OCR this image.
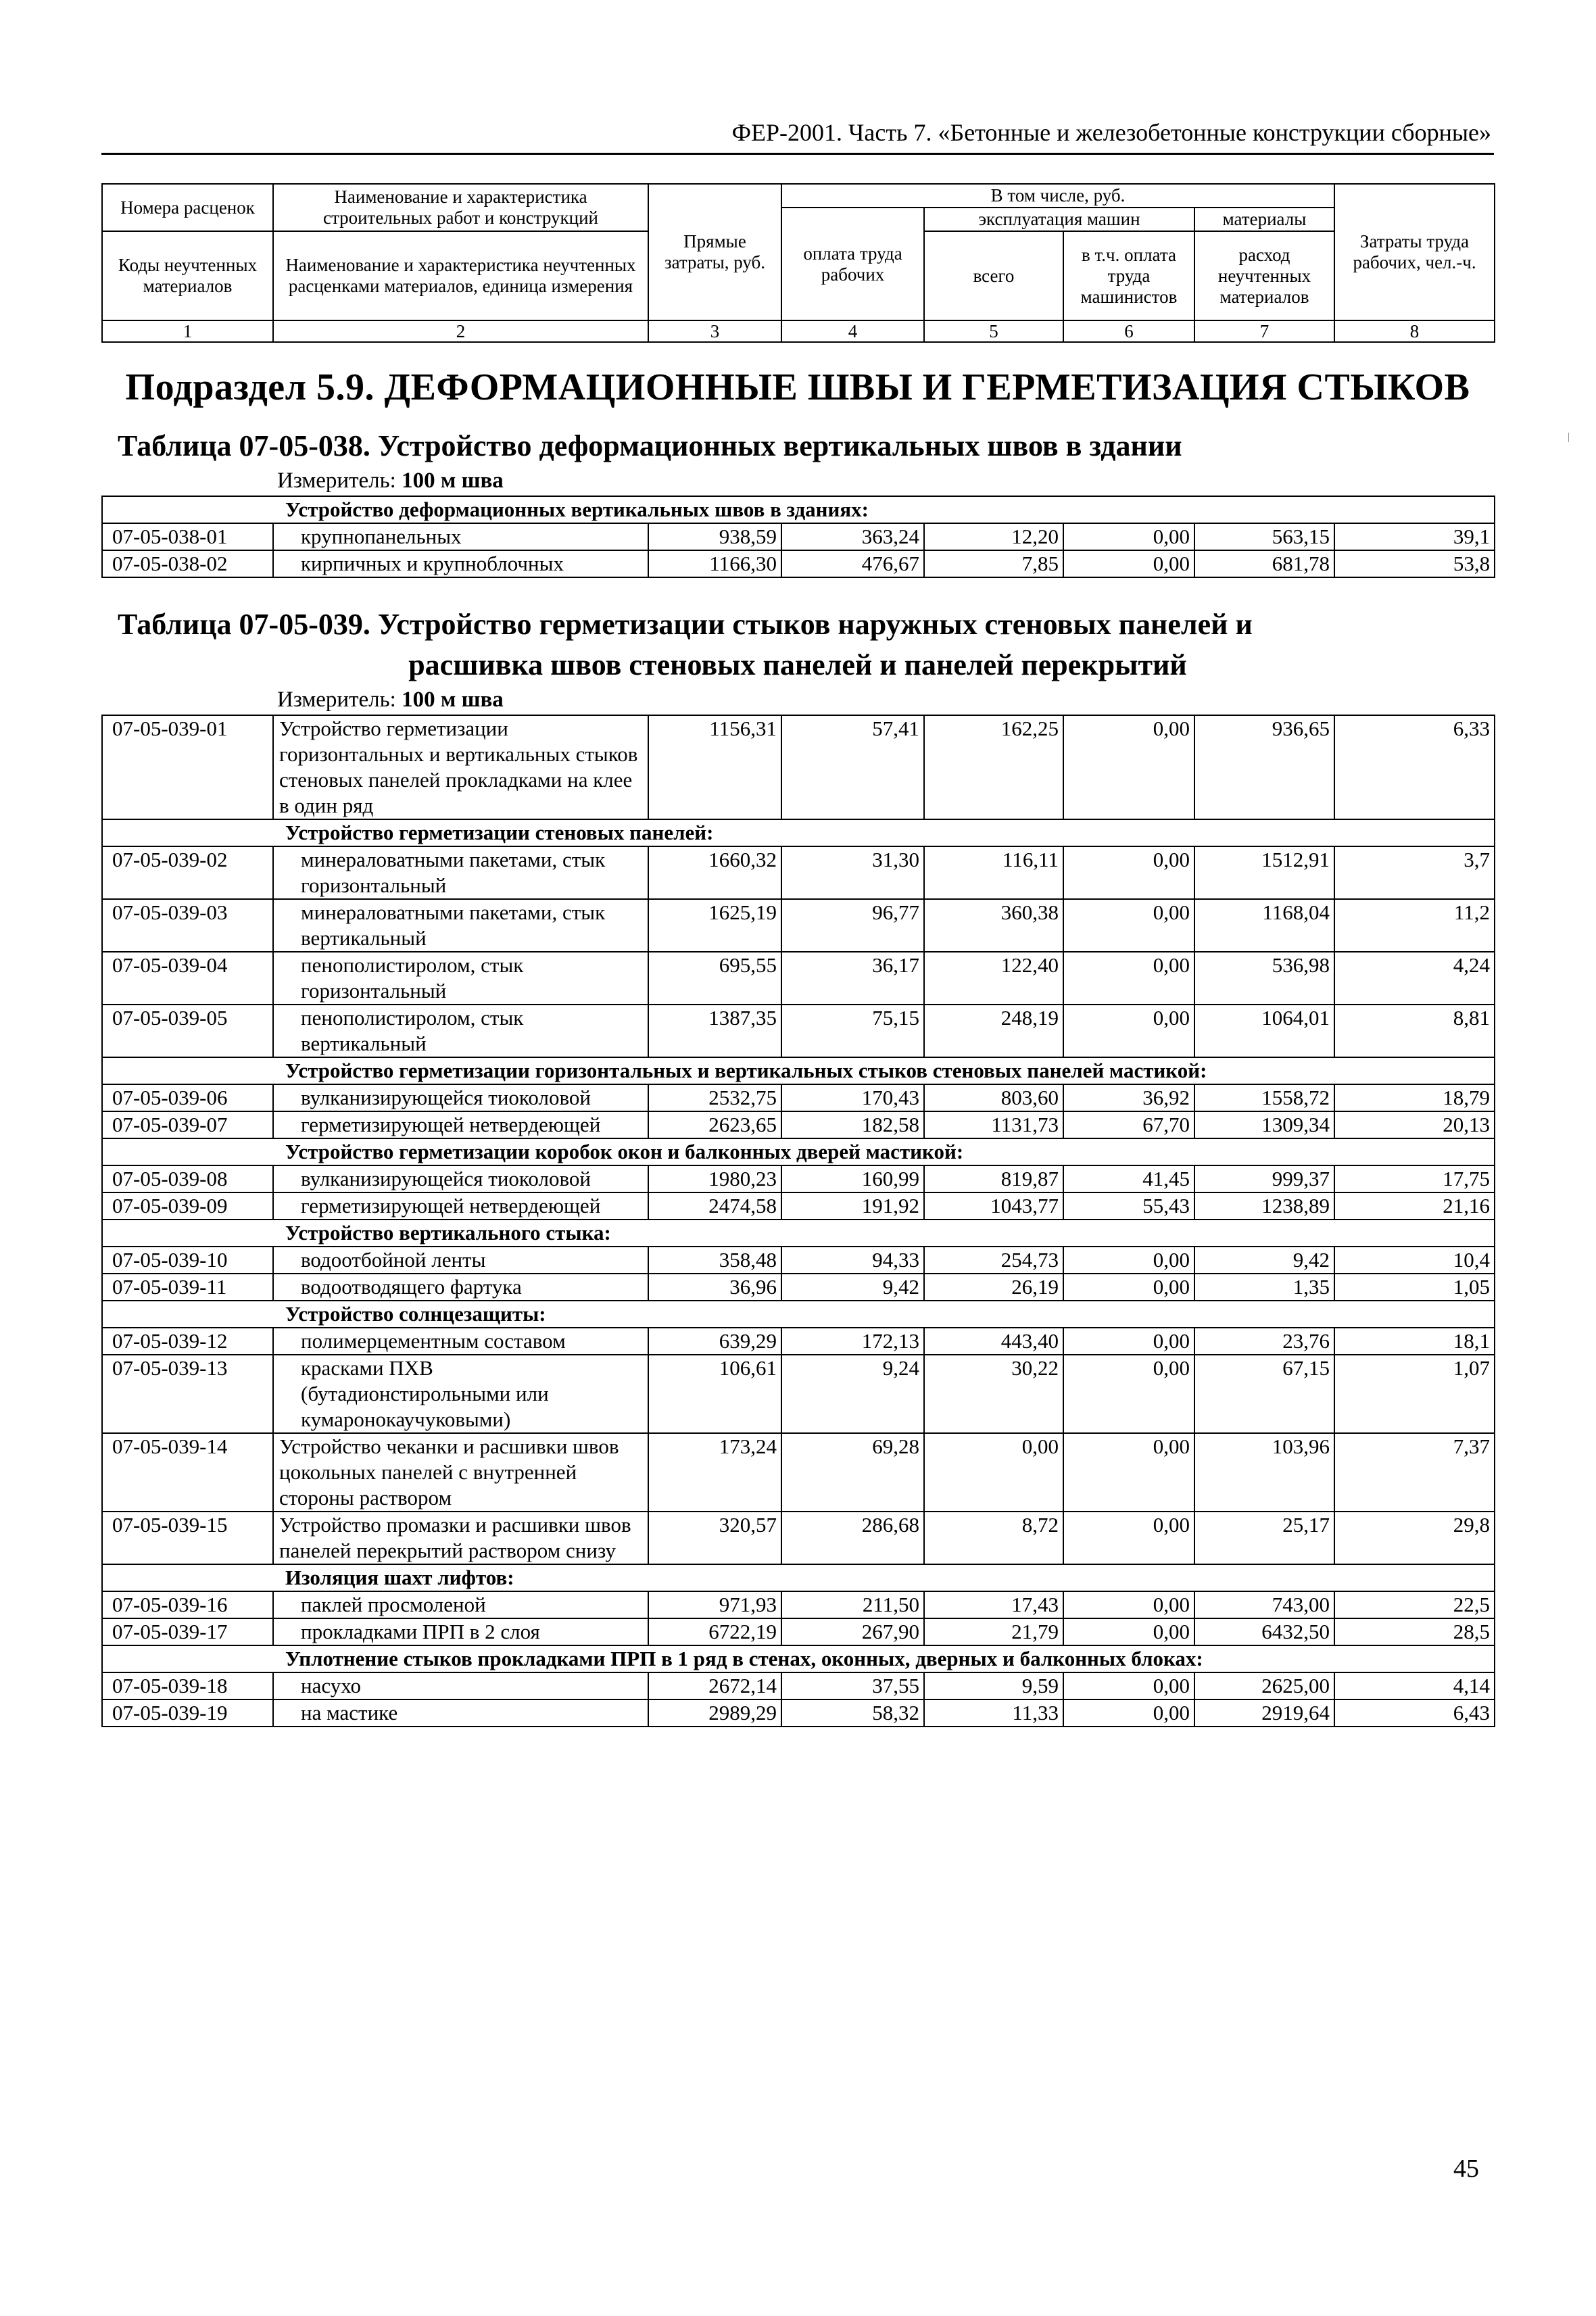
ФЕР-2001. Часть 7. «Бетонные и железобетонные конструкции сборные»
Номера расценок	Наименование и характеристика строительных работ и конструкций	Прямые затраты, руб.	В том числе, руб.				Затраты труда рабочих, чел.-ч.
			оплата труда рабочих	эксплуатация машин		материалы	
Коды неучтенных материалов	Наименование и характеристика неучтенных расценками материалов, единица измерения			всего	в т.ч. оплата труда машинистов	расход неучтенных материалов	

1	2	3	4	5	6	7	8
Подраздел 5.9. ДЕФОРМАЦИОННЫЕ ШВЫ И ГЕРМЕТИЗАЦИЯ СТЫКОВ
Таблица 07-05-038. Устройство деформационных вертикальных швов в здании
Измеритель: 100 м шва
Устройство деформационных вертикальных швов в зданиях:							
07-05-038-01	крупнопанельных	938,59	363,24	12,20	0,00	563,15	39,1
07-05-038-02	кирпичных и крупноблочных	1166,30	476,67	7,85	0,00	681,78	53,8
Таблица 07-05-039. Устройство герметизации стыков наружных стеновых панелей и
расшивка швов стеновых панелей и панелей перекрытий
Измеритель: 100 м шва
07-05-039-01	Устройство герметизации горизонтальных и вертикальных стыков стеновых панелей прокладками на клее в один ряд	1156,31	57,41	162,25	0,00	936,65	6,33
Устройство герметизации стеновых панелей:							
07-05-039-02	минераловатными пакетами, стык горизонтальный	1660,32	31,30	116,11	0,00	1512,91	3,7
07-05-039-03	минераловатными пакетами, стык вертикальный	1625,19	96,77	360,38	0,00	1168,04	11,2
07-05-039-04	пенополистиролом, стык горизонтальный	695,55	36,17	122,40	0,00	536,98	4,24
07-05-039-05	пенополистиролом, стык вертикальный	1387,35	75,15	248,19	0,00	1064,01	8,81
Устройство герметизации горизонтальных и вертикальных стыков стеновых панелей мастикой:							
07-05-039-06	вулканизирующейся тиоколовой	2532,75	170,43	803,60	36,92	1558,72	18,79
07-05-039-07	герметизирующей нетвердеющей	2623,65	182,58	1131,73	67,70	1309,34	20,13
Устройство герметизации коробок окон и балконных дверей мастикой:							
07-05-039-08	вулканизирующейся тиоколовой	1980,23	160,99	819,87	41,45	999,37	17,75
07-05-039-09	герметизирующей нетвердеющей	2474,58	191,92	1043,77	55,43	1238,89	21,16
Устройство вертикального стыка:							
07-05-039-10	водоотбойной ленты	358,48	94,33	254,73	0,00	9,42	10,4
07-05-039-11	водоотводящего фартука	36,96	9,42	26,19	0,00	1,35	1,05
Устройство солнцезащиты:							
07-05-039-12	полимерцементным составом	639,29	172,13	443,40	0,00	23,76	18,1
07-05-039-13	красками ПХВ (бутадионстирольными или кумаронокаучуковыми)	106,61	9,24	30,22	0,00	67,15	1,07
07-05-039-14	Устройство чеканки и расшивки швов цокольных панелей с внутренней стороны раствором	173,24	69,28	0,00	0,00	103,96	7,37
07-05-039-15	Устройство промазки и расшивки швов панелей перекрытий раствором снизу	320,57	286,68	8,72	0,00	25,17	29,8
Изоляция шахт лифтов:							
07-05-039-16	паклей просмоленой	971,93	211,50	17,43	0,00	743,00	22,5
07-05-039-17	прокладками ПРП в 2 слоя	6722,19	267,90	21,79	0,00	6432,50	28,5
Уплотнение стыков прокладками ПРП в 1 ряд в стенах, оконных, дверных и балконных блоках:							
07-05-039-18	насухо	2672,14	37,55	9,59	0,00	2625,00	4,14
07-05-039-19	на мастике	2989,29	58,32	11,33	0,00	2919,64	6,43
45
